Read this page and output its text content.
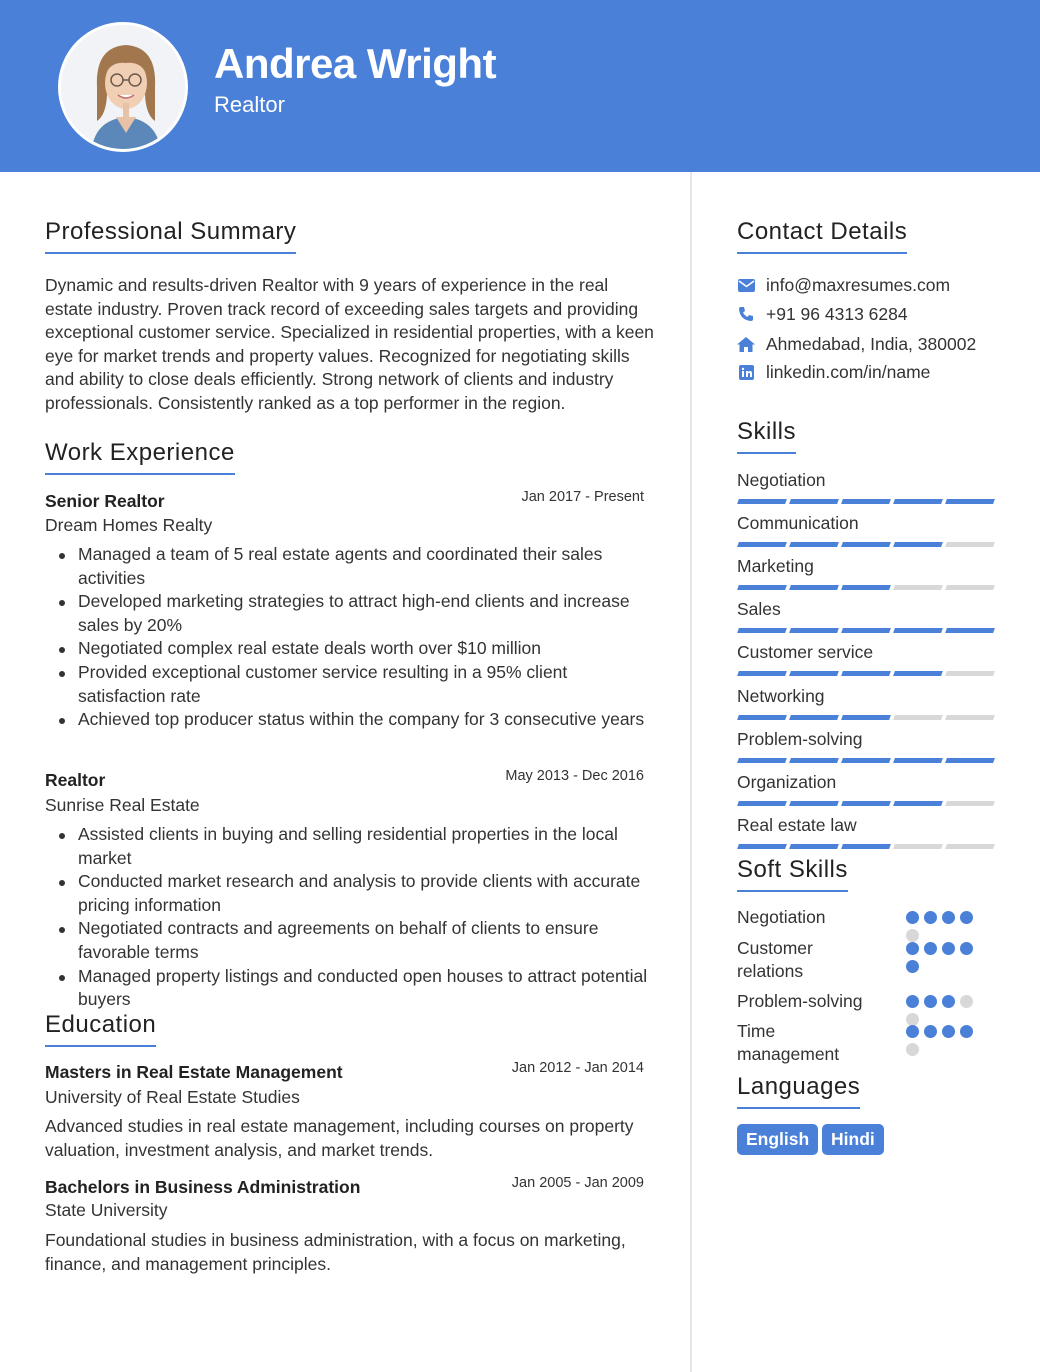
Andrea Wright
Realtor
Professional Summary
Dynamic and results-driven Realtor with 9 years of experience in the real estate industry. Proven track record of exceeding sales targets and providing exceptional customer service. Specialized in residential properties, with a keen eye for market trends and property values. Recognized for negotiating skills and ability to close deals efficiently. Strong network of clients and industry professionals. Consistently ranked as a top performer in the region.
Work Experience
Senior Realtor	Jan 2017 - Present
Dream Homes Realty
Managed a team of 5 real estate agents and coordinated their sales activities
Developed marketing strategies to attract high-end clients and increase sales by 20%
Negotiated complex real estate deals worth over $10 million
Provided exceptional customer service resulting in a 95% client satisfaction rate
Achieved top producer status within the company for 3 consecutive years
Realtor	May 2013 - Dec 2016
Sunrise Real Estate
Assisted clients in buying and selling residential properties in the local market
Conducted market research and analysis to provide clients with accurate pricing information
Negotiated contracts and agreements on behalf of clients to ensure favorable terms
Managed property listings and conducted open houses to attract potential buyers
Education
Masters in Real Estate Management	Jan 2012 - Jan 2014
University of Real Estate Studies
Advanced studies in real estate management, including courses on property valuation, investment analysis, and market trends.
Bachelors in Business Administration	Jan 2005 - Jan 2009
State University
Foundational studies in business administration, with a focus on marketing, finance, and management principles.
Contact Details
info@maxresumes.com
+91 96 4313 6284
Ahmedabad, India, 380002
linkedin.com/in/name
Skills
Negotiation
Communication
Marketing
Sales
Customer service
Networking
Problem-solving
Organization
Real estate law
Soft Skills
Negotiation
Customer relations
Problem-solving
Time management
Languages
English	Hindi
